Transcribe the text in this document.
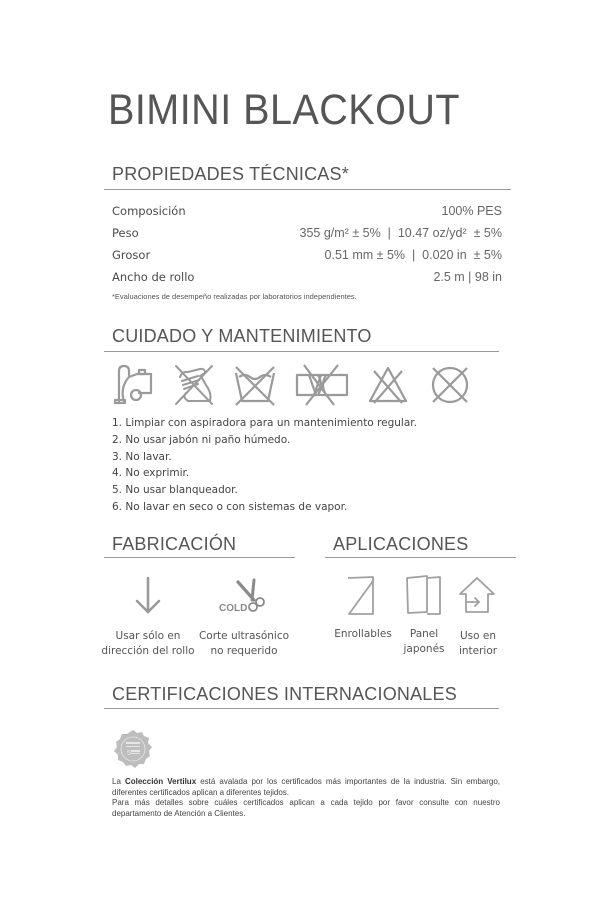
BIMINI BLACKOUT
PROPIEDADES TÉCNICAS*
Composición	100% PES
Peso	355 g/m² ± 5%  |  10.47 oz/yd²  ± 5%
Grosor	0.51 mm ± 5%  |  0.020 in  ± 5%
Ancho de rollo	2.5 m | 98 in
*Evaluaciones de desempeño realizadas por laboratorios independientes.
CUIDADO Y MANTENIMIENTO
1. Limpiar con aspiradora para un mantenimiento regular.
2. No usar jabón ni paño húmedo.
3. No lavar.
4. No exprimir.
5. No usar blanqueador.
6. No lavar en seco o con sistemas de vapor.
FABRICACIÓN
COLD
Usar sólo en
dirección del rollo
Corte ultrasónico
no requerido
APLICACIONES
Enrollables	Panel
japonés
Uso en
interior
CERTIFICACIONES INTERNACIONALES
5

La Colección Vertilux está avalada por los certificados más importantes de la industria. Sin embargo, diferentes certificados aplican a diferentes tejidos.

Para más detalles sobre cuáles certificados aplican a cada tejido por favor consulte con nuestro departamento de Atención a Clientes.
